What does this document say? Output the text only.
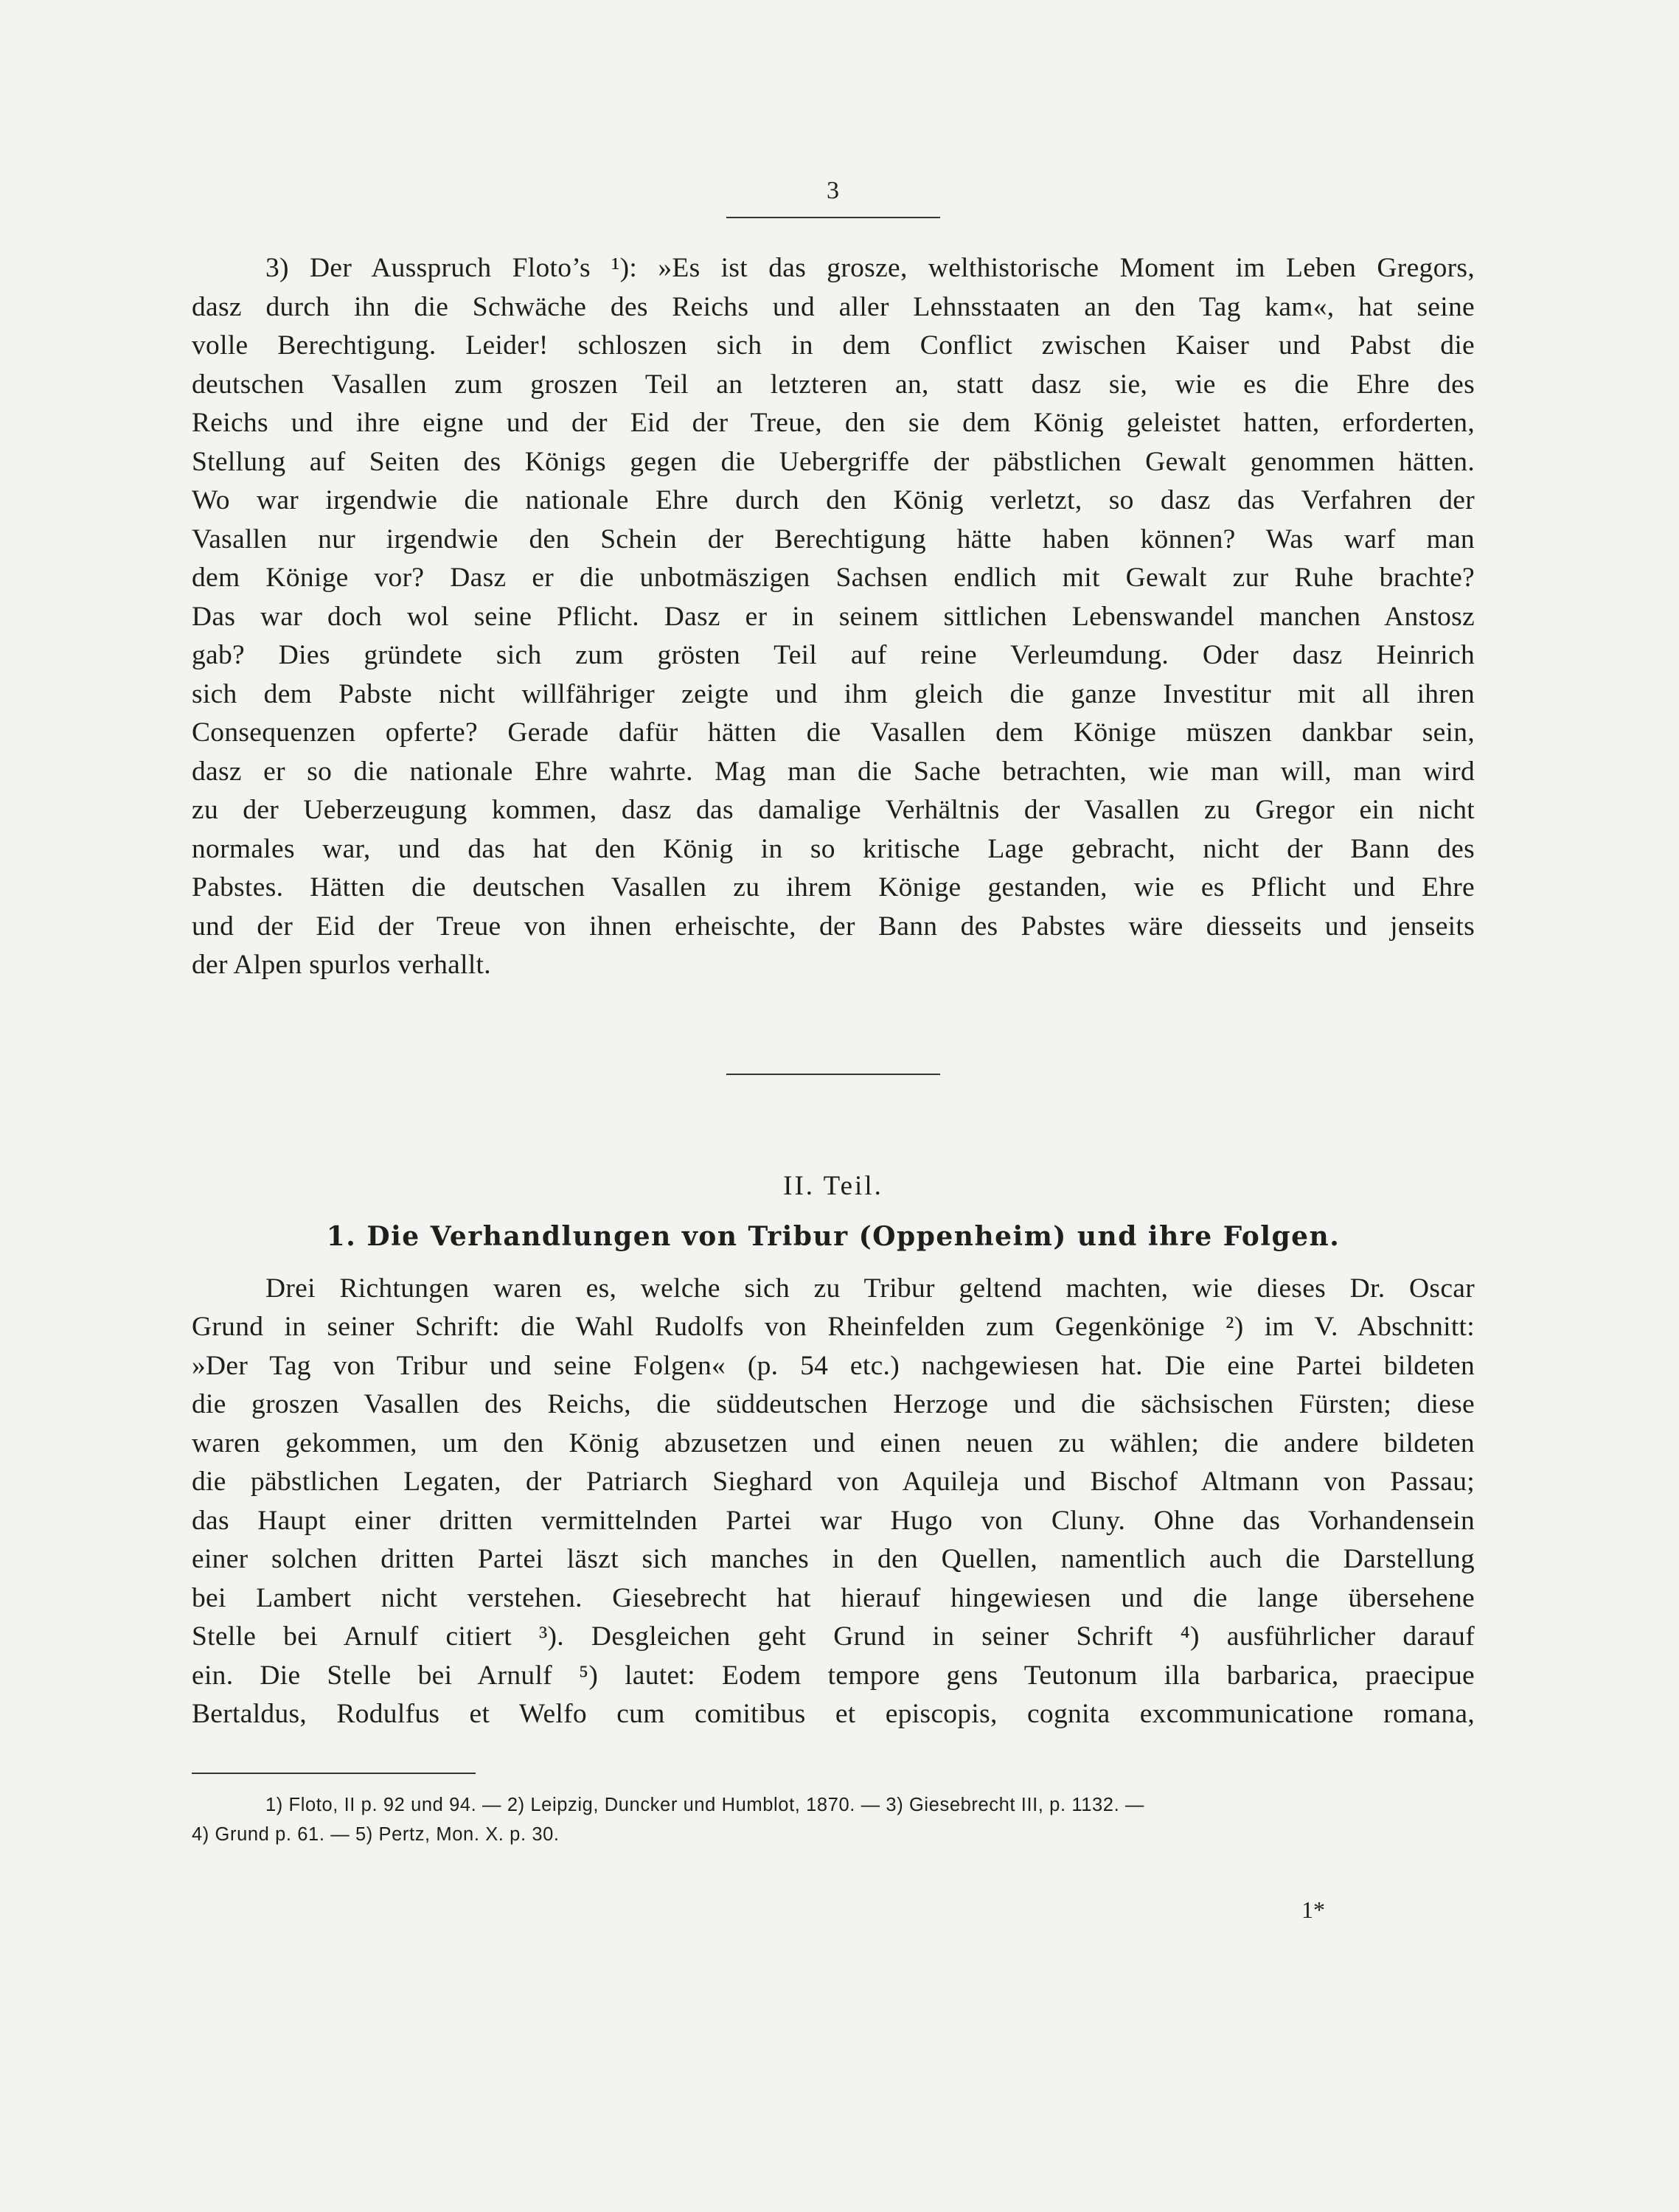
3
3) Der Ausspruch Floto’s ¹): »Es ist das grosze, welthistorische Moment im Leben Gregors,
dasz durch ihn die Schwäche des Reichs und aller Lehnsstaaten an den Tag kam«, hat seine
volle Berechtigung. Leider! schloszen sich in dem Conflict zwischen Kaiser und Pabst die
deutschen Vasallen zum groszen Teil an letzteren an, statt dasz sie, wie es die Ehre des
Reichs und ihre eigne und der Eid der Treue, den sie dem König geleistet hatten, erforderten,
Stellung auf Seiten des Königs gegen die Uebergriffe der päbstlichen Gewalt genommen hätten.
Wo war irgendwie die nationale Ehre durch den König verletzt, so dasz das Verfahren der
Vasallen nur irgendwie den Schein der Berechtigung hätte haben können? Was warf man
dem Könige vor? Dasz er die unbotmäszigen Sachsen endlich mit Gewalt zur Ruhe brachte?
Das war doch wol seine Pflicht. Dasz er in seinem sittlichen Lebenswandel manchen Anstosz
gab? Dies gründete sich zum grösten Teil auf reine Verleumdung. Oder dasz Heinrich
sich dem Pabste nicht willfähriger zeigte und ihm gleich die ganze Investitur mit all ihren
Consequenzen opferte? Gerade dafür hätten die Vasallen dem Könige müszen dankbar sein,
dasz er so die nationale Ehre wahrte. Mag man die Sache betrachten, wie man will, man wird
zu der Ueberzeugung kommen, dasz das damalige Verhältnis der Vasallen zu Gregor ein nicht
normales war, und das hat den König in so kritische Lage gebracht, nicht der Bann des
Pabstes. Hätten die deutschen Vasallen zu ihrem Könige gestanden, wie es Pflicht und Ehre
und der Eid der Treue von ihnen erheischte, der Bann des Pabstes wäre diesseits und jenseits
der Alpen spurlos verhallt.
II. Teil.
1. Die Verhandlungen von Tribur (Oppenheim) und ihre Folgen.
Drei Richtungen waren es, welche sich zu Tribur geltend machten, wie dieses Dr. Oscar
Grund in seiner Schrift: die Wahl Rudolfs von Rheinfelden zum Gegenkönige ²) im V. Abschnitt:
»Der Tag von Tribur und seine Folgen« (p. 54 etc.) nachgewiesen hat. Die eine Partei bildeten
die groszen Vasallen des Reichs, die süddeutschen Herzoge und die sächsischen Fürsten; diese
waren gekommen, um den König abzusetzen und einen neuen zu wählen; die andere bildeten
die päbstlichen Legaten, der Patriarch Sieghard von Aquileja und Bischof Altmann von Passau;
das Haupt einer dritten vermittelnden Partei war Hugo von Cluny. Ohne das Vorhandensein
einer solchen dritten Partei läszt sich manches in den Quellen, namentlich auch die Darstellung
bei Lambert nicht verstehen. Giesebrecht hat hierauf hingewiesen und die lange übersehene
Stelle bei Arnulf citiert ³). Desgleichen geht Grund in seiner Schrift ⁴) ausführlicher darauf
ein. Die Stelle bei Arnulf ⁵) lautet: Eodem tempore gens Teutonum illa barbarica, praecipue
Bertaldus, Rodulfus et Welfo cum comitibus et episcopis, cognita excommunicatione romana,
1) Floto, II p. 92 und 94. — 2) Leipzig, Duncker und Humblot, 1870. — 3) Giesebrecht III, p. 1132. —
4) Grund p. 61. — 5) Pertz, Mon. X. p. 30.
1*
